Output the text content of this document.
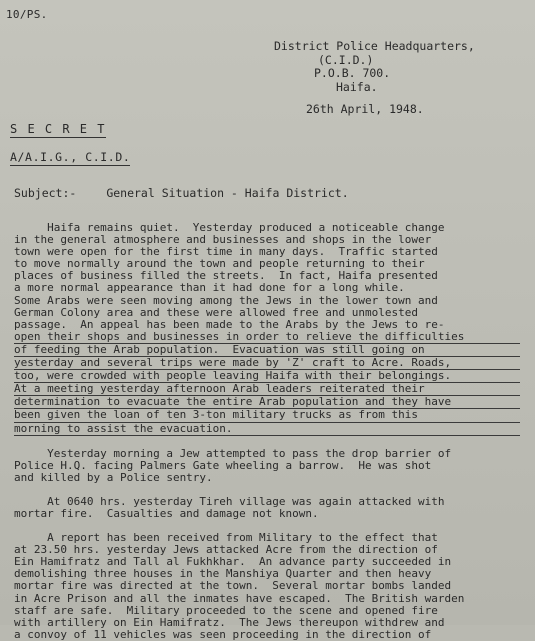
10/PS.
District Police Headquarters,
(C.I.D.)
P.O.B. 700.
Haifa.
26th April, 1948.
S E C R E T
A/A.I.G., C.I.D.
Subject:-	General Situation - Haifa District.
Haifa remains quiet.  Yesterday produced a noticeable change
in the general atmosphere and businesses and shops in the lower
town were open for the first time in many days.  Traffic started
to move normally around the town and people returning to their
places of business filled the streets.  In fact, Haifa presented
a more normal appearance than it had done for a long while.
Some Arabs were seen moving among the Jews in the lower town and
German Colony area and these were allowed free and unmolested
passage.  An appeal has been made to the Arabs by the Jews to re-
open their shops and businesses in order to relieve the difficulties
of feeding the Arab population.  Evacuation was still going on
yesterday and several trips were made by 'Z' craft to Acre. Roads,
too, were crowded with people leaving Haifa with their belongings.
At a meeting yesterday afternoon Arab leaders reiterated their
determination to evacuate the entire Arab population and they have
been given the loan of ten 3-ton military trucks as from this
morning to assist the evacuation.
Yesterday morning a Jew attempted to pass the drop barrier of
Police H.Q. facing Palmers Gate wheeling a barrow.  He was shot
and killed by a Police sentry.
At 0640 hrs. yesterday Tireh village was again attacked with
mortar fire.  Casualties and damage not known.
A report has been received from Military to the effect that
at 23.50 hrs. yesterday Jews attacked Acre from the direction of
Ein Hamifratz and Tall al Fukhkhar.  An advance party succeeded in
demolishing three houses in the Manshiya Quarter and then heavy
mortar fire was directed at the town.  Several mortar bombs landed
in Acre Prison and all the inmates have escaped.  The British warden
staff are safe.  Military proceeded to the scene and opened fire
with artillery on Ein Hamifratz.  The Jews thereupon withdrew and
a convoy of 11 vehicles was seen proceeding in the direction of
